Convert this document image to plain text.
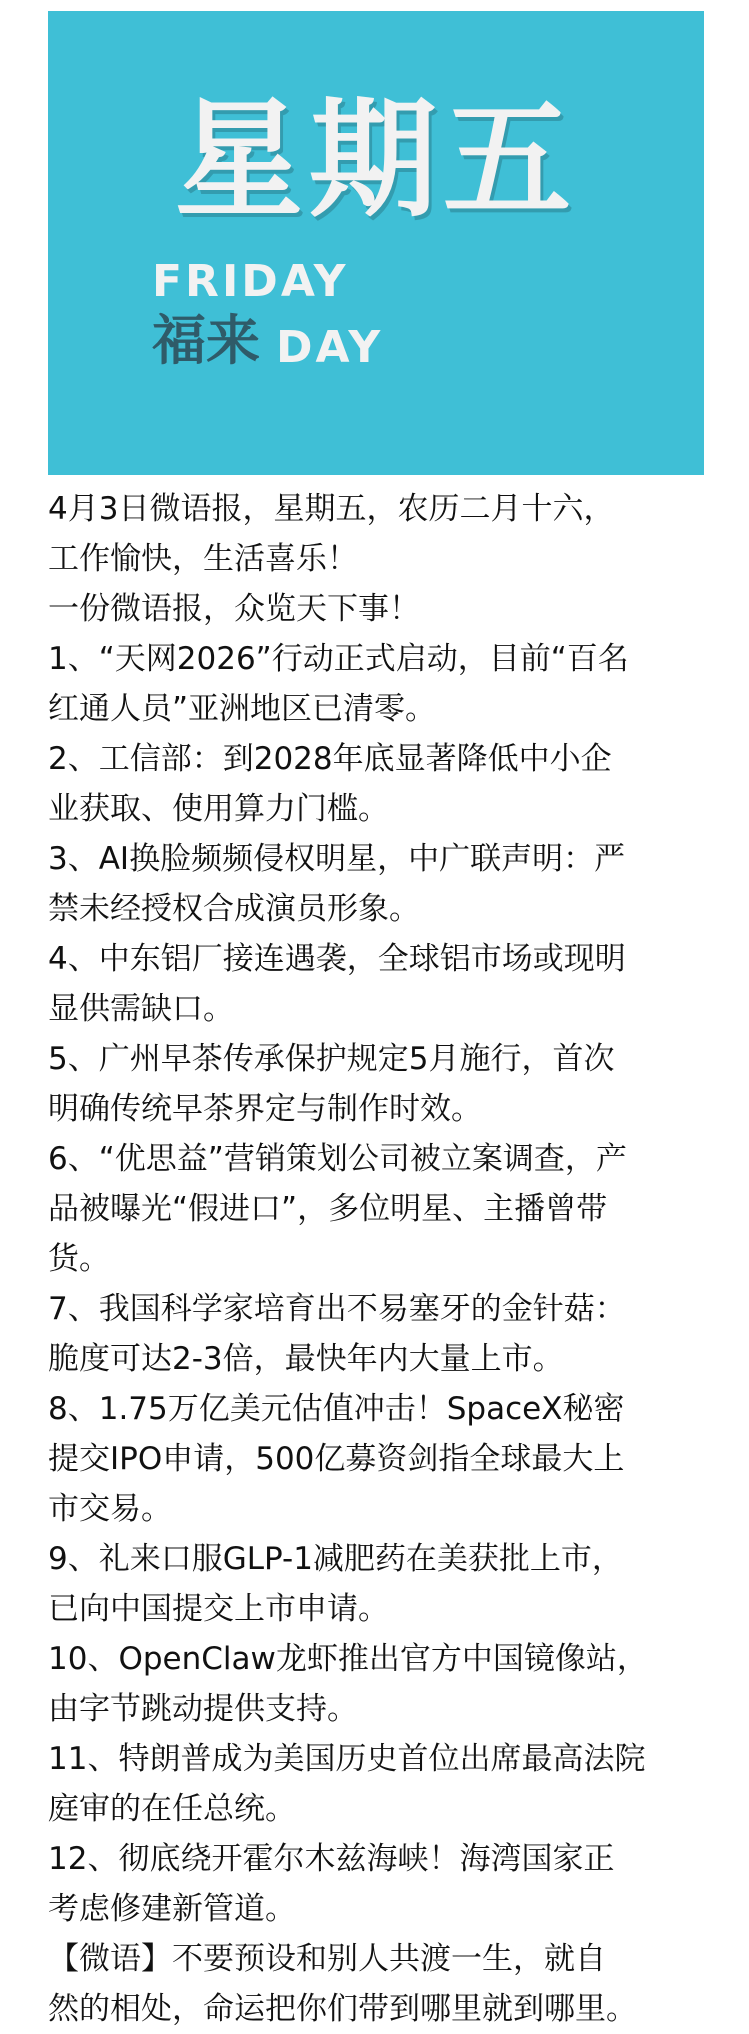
星期五
FRIDAY
福来 DAY

4月3日微语报，星期五，农历二月十六，

工作愉快，生活喜乐！

一份微语报，众览天下事！

1、“天网2026”行动正式启动，目前“百名

红通人员”亚洲地区已清零。

2、工信部：到2028年底显著降低中小企

业获取、使用算力门槛。

3、AI换脸频频侵权明星，中广联声明：严

禁未经授权合成演员形象。

4、中东铝厂接连遇袭，全球铝市场或现明

显供需缺口。

5、广州早茶传承保护规定5月施行，首次

明确传统早茶界定与制作时效。

6、“优思益”营销策划公司被立案调查，产

品被曝光“假进口”，多位明星、主播曾带

货。

7、我国科学家培育出不易塞牙的金针菇：

脆度可达2-3倍，最快年内大量上市。

8、1.75万亿美元估值冲击！SpaceX秘密

提交IPO申请，500亿募资剑指全球最大上

市交易。

9、礼来口服GLP-1减肥药在美获批上市，

已向中国提交上市申请。

10、OpenClaw龙虾推出官方中国镜像站，

由字节跳动提供支持。

11、特朗普成为美国历史首位出席最高法院

庭审的在任总统。

12、彻底绕开霍尔木兹海峡！海湾国家正

考虑修建新管道。

【微语】不要预设和别人共渡一生，就自

然的相处，命运把你们带到哪里就到哪里。
